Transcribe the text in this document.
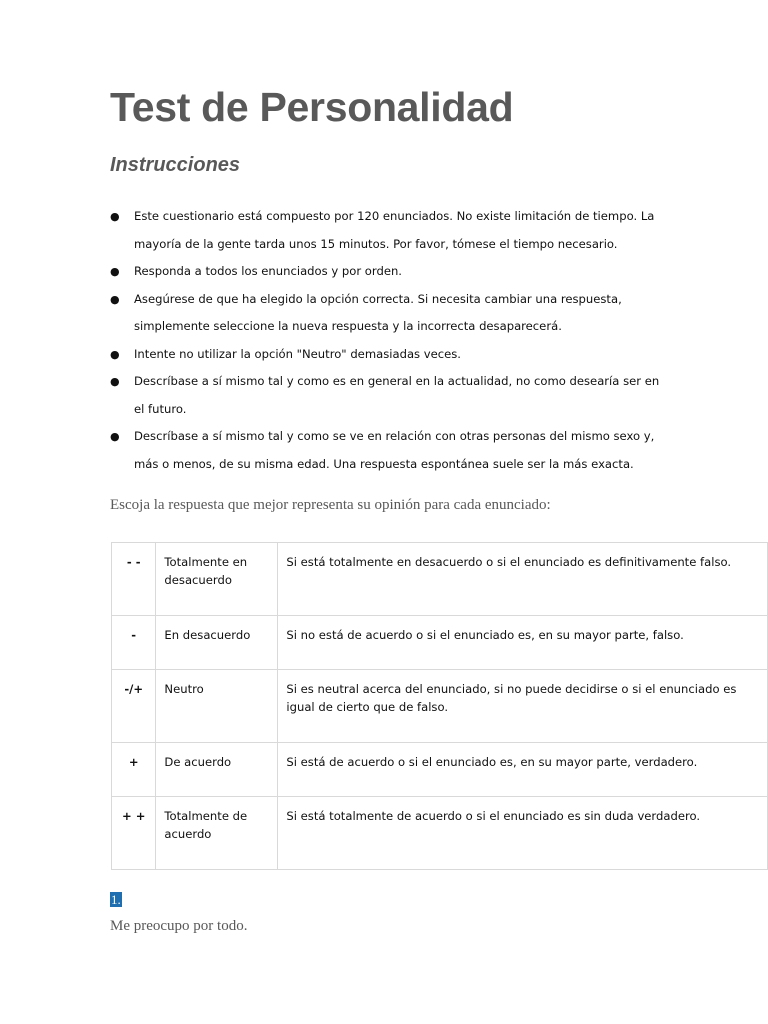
Test de Personalidad
Instrucciones
● Este cuestionario está compuesto por 120 enunciados. No existe limitación de tiempo. La mayoría de la gente tarda unos 15 minutos. Por favor, tómese el tiempo necesario.
● Responda a todos los enunciados y por orden.
● Asegúrese de que ha elegido la opción correcta. Si necesita cambiar una respuesta, simplemente seleccione la nueva respuesta y la incorrecta desaparecerá.
● Intente no utilizar la opción "Neutro" demasiadas veces.
● Descríbase a sí mismo tal y como es en general en la actualidad, no como desearía ser en el futuro.
● Descríbase a sí mismo tal y como se ve en relación con otras personas del mismo sexo y, más o menos, de su misma edad. Una respuesta espontánea suele ser la más exacta.

Escoja la respuesta que mejor representa su opinión para cada enunciado:

- -	Totalmente en desacuerdo	Si está totalmente en desacuerdo o si el enunciado es definitivamente falso.
-	En desacuerdo	Si no está de acuerdo o si el enunciado es, en su mayor parte, falso.
-/+	Neutro	Si es neutral acerca del enunciado, si no puede decidirse o si el enunciado es igual de cierto que de falso.
+	De acuerdo	Si está de acuerdo o si el enunciado es, en su mayor parte, verdadero.
+ +	Totalmente de acuerdo	Si está totalmente de acuerdo o si el enunciado es sin duda verdadero.

1.

Me preocupo por todo.
